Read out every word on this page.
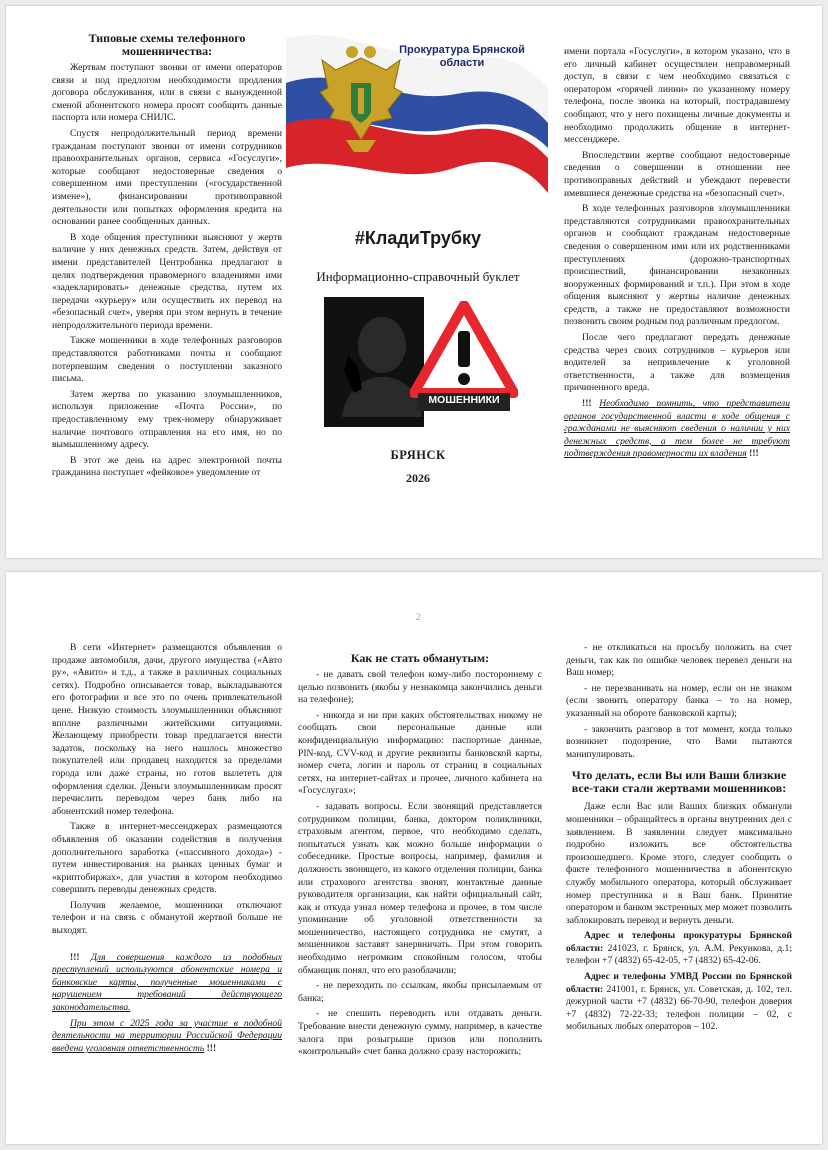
Типовые схемы телефонного мошенничества:

Жертвам поступают звонки от имени операторов связи и под предлогом необходимости продления договора обслуживания, или в связи с вынужденной сменой абонентского номера просят сообщить данные паспорта или номера СНИЛС.

Спустя непродолжительный период времени гражданам поступают звонки от имени сотрудников правоохранительных органов, сервиса «Госуслуги», которые сообщают недостоверные сведения о совершенном ими преступлении («государственной измене»), финансировании противоправной деятельности или попытках оформления кредита на основании ранее сообщенных данных.

В ходе общения преступники выясняют у жертв наличие у них денежных средств. Затем, действуя от имени представителей Центробанка предлагают в целях подтверждения правомерного владениями ими «задекларировать» денежные средства, путем их передачи «курьеру» или осуществить их перевод на «безопасный счет», уверяя при этом вернуть в течение непродолжительного периода времени.

Также мошенники в ходе телефонных разговоров представляются работниками почты и сообщают потерпевшим сведения о поступлении заказного письма.

Затем жертва по указанию злоумышленников, используя приложение «Почта России», по предоставленному ему трек-номеру обнаруживает наличие почтового отправления на его имя, но по вымышленному адресу.

В этот же день на адрес электронной почты гражданина поступает «фейковое» уведомление от

Прокуратура Брянской области
#КладиТрубку
Информационно-справочный буклет
МОШЕННИКИ
БРЯНСК
2026

имени портала «Госуслуги», в котором указано, что в его личный кабинет осуществлен неправомерный доступ, в связи с чем необходимо связаться с оператором «горячей линии» по указанному номеру телефона, после звонка на который, пострадавшему сообщают, что у него похищены личные документы и необходимо продолжить общение в интернет-мессенджере.

Впоследствии жертве сообщают недостоверные сведения о совершении в отношении нее противоправных действий и убеждают перевести имевшиеся денежные средства на «безопасный счет».

В ходе телефонных разговоров злоумышленники представляются сотрудниками правоохранительных органов и сообщают гражданам недостоверные сведения о совершенном ими или их родственниками преступлениях (дорожно-транспортных происшествий, финансировании незаконных вооруженных формирований и т.п.). При этом в ходе общения выясняют у жертвы наличие денежных средств, а также не предоставляют возможности позвонить своим родным под различным предлогом.

После чего предлагают передать денежные средства через своих сотрудников – курьеров или водителей за непривлечение к уголовной ответственности, а также для возмещения причиненного вреда.

!!! Необходимо помнить, что представители органов государственной власти в ходе общения с гражданами не выясняют сведения о наличии у них денежных средств, а тем более не требуют подтверждения правомерности их владения !!!

2

В сети «Интернет» размещаются объявления о продаже автомобиля, дачи, другого имущества («Авто ру», «Авито» и т.д., а также в различных социальных сетях). Подробно описывается товар, выкладываются его фотографии и все это по очень привлекательной цене. Низкую стоимость злоумышленники объясняют вполне различными житейскими ситуациями. Желающему приобрести товар предлагается внести задаток, поскольку на него нашлось множество покупателей или продавец находится за пределами города или даже страны, но готов вылететь для оформления сделки. Деньги злоумышленникам просят перечислить переводом через банк либо на абонентский номер телефона.

Также в интернет-мессенджерах размещаются объявления об оказании содействия в получения дополнительного заработка («пассивного дохода») - путем инвестирования на рынках ценных бумаг и «криптобиржах», для участия в котором необходимо совершить переводы денежных средств.

Получив желаемое, мошенники отключают телефон и на связь с обманутой жертвой больше не выходят.

!!! Для совершения каждого из подобных преступлений используются абонентские номера и банковские карты, полученные мошенниками с нарушением требований действующего законодательства.

При этом с 2025 года за участие в подобной деятельности на территории Российской Федерации введена уголовная ответственность !!!

Как не стать обманутым:

- не давать свой телефон кому-либо постороннему с целью позвонить (якобы у незнакомца закончились деньги на телефоне);

- никогда и ни при каких обстоятельствах никому не сообщать свои персональные данные или конфиденциальную информацию: паспортные данные, PIN-код, CVV-код и другие реквизиты банковской карты, номер счета, логин и пароль от страниц в социальных сетях, на интернет-сайтах и прочее, личного кабинета на «Госуслугах»;

- задавать вопросы. Если звонящий представляется сотрудником полиции, банка, доктором поликлиники, страховым агентом, первое, что необходимо сделать, попытаться узнать как можно больше информации о собеседнике. Простые вопросы, например, фамилия и должность звонящего, из какого отделения полиции, банка или страхового агентства звонят, контактные данные руководителя организации, как найти официальный сайт, как и откуда узнал номер телефона и прочее, в том числе упоминание об уголовной ответственности за мошенничество, настоящего сотрудника не смутят, а мошенников заставят занервничать. При этом говорить необходимо негромким спокойным голосом, чтобы обманщик понял, что его разоблачили;

- не переходить по ссылкам, якобы присылаемым от банка;

- не спешить переводить или отдавать деньги. Требование внести денежную сумму, например, в качестве залога при розыгрыше призов или пополнить «контрольный» счет банка должно сразу насторожить;

- не откликаться на просьбу положить на счет деньги, так как по ошибке человек перевел деньги на Ваш номер;

- не перезванивать на номер, если он не знаком (если звонить оператору банка – то на номер, указанный на обороте банковской карты);

- закончить разговор в тот момент, когда только возникнет подозрение, что Вами пытаются манипулировать.

Что делать, если Вы или Ваши близкие все-таки стали жертвами мошенников:

Даже если Вас или Ваших близких обманули мошенники – обращайтесь в органы внутренних дел с заявлением. В заявлении следует максимально подробно изложить все обстоятельства произошедшего. Кроме этого, следует сообщить о факте телефонного мошенничества в абонентскую службу мобильного оператора, который обслуживает номер преступника и в Ваш банк. Принятие оператором и банком экстренных мер может позволить заблокировать перевод и вернуть деньги.

Адрес и телефоны прокуратуры Брянской области: 241023, г. Брянск, ул. А.М. Рекункова, д.1; телефон +7 (4832) 65-42-05, +7 (4832) 65-42-06.

Адрес и телефоны УМВД России по Брянской области: 241001, г. Брянск, ул. Советская, д. 102, тел. дежурной части +7 (4832) 66-70-90, телефон доверия +7 (4832) 72-22-33; телефон полиции – 02, с мобильных любых операторов – 102.
